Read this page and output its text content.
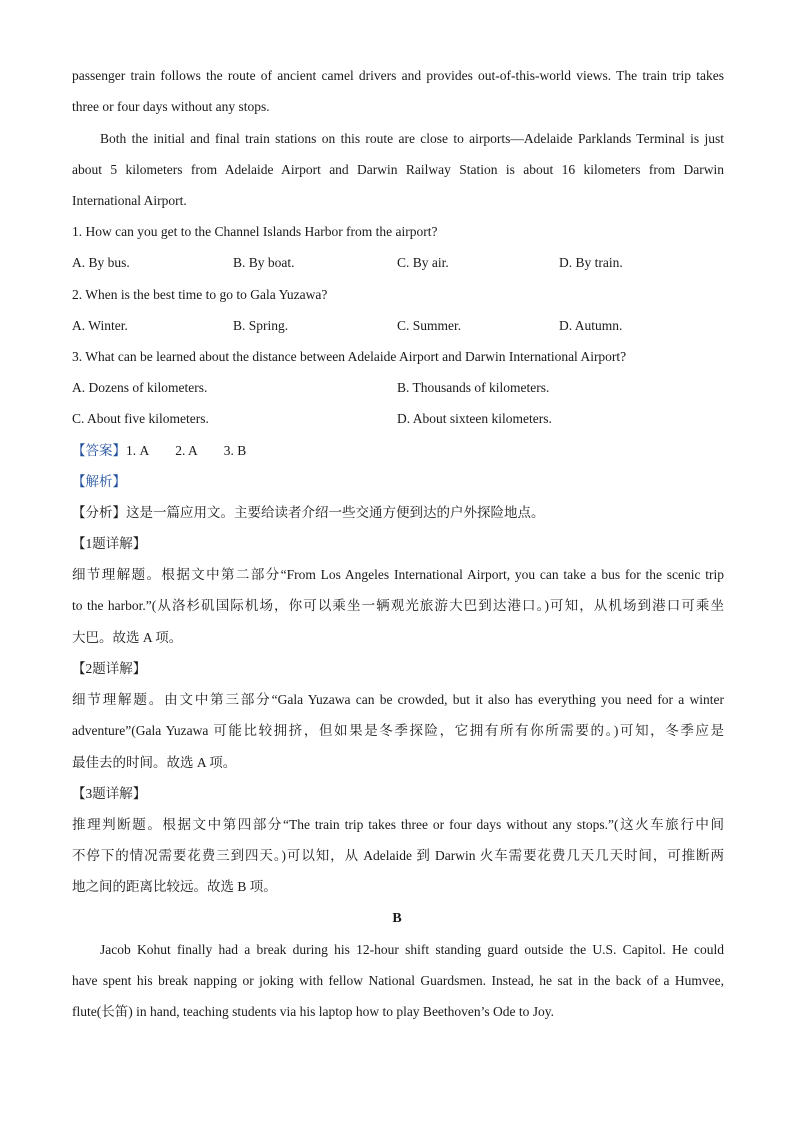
passenger train follows the route of ancient camel drivers and provides out-of-this-world views. The train trip takes
three or four days without any stops.
Both the initial and final train stations on this route are close to airports—Adelaide Parklands Terminal is just
about 5 kilometers from Adelaide Airport and Darwin Railway Station is about 16 kilometers from Darwin
International Airport.
1. How can you get to the Channel Islands Harbor from the airport?
A. By bus.	B. By boat.	C. By air.	D. By train.
2. When is the best time to go to Gala Yuzawa?
A. Winter.	B. Spring.	C. Summer.	D. Autumn.
3. What can be learned about the distance between Adelaide Airport and Darwin International Airport?
A. Dozens of kilometers.	B. Thousands of kilometers.
C. About five kilometers.	D. About sixteen kilometers.
【答案】1. A 2. A 3. B
【解析】
【分析】这是一篇应用文。主要给读者介绍一些交通方便到达的户外探险地点。
【1题详解】
细节理解题。根据文中第二部分“From Los Angeles International Airport, you can take a bus for the scenic trip
to the harbor.”(从洛杉矶国际机场，你可以乘坐一辆观光旅游大巴到达港口。)可知，从机场到港口可乘坐
大巴。故选 A 项。
【2题详解】
细节理解题。由文中第三部分“Gala Yuzawa can be crowded, but it also has everything you need for a winter
adventure”(Gala Yuzawa 可能比较拥挤，但如果是冬季探险，它拥有所有你所需要的。)可知，冬季应是
最佳去的时间。故选 A 项。
【3题详解】
推理判断题。根据文中第四部分“The train trip takes three or four days without any stops.”(这火车旅行中间
不停下的情况需要花费三到四天。)可以知，从 Adelaide 到 Darwin 火车需要花费几天几天时间，可推断两
地之间的距离比较远。故选 B 项。
B
Jacob Kohut finally had a break during his 12-hour shift standing guard outside the U.S. Capitol. He could
have spent his break napping or joking with fellow National Guardsmen. Instead, he sat in the back of a Humvee,
flute(长笛) in hand, teaching students via his laptop how to play Beethoven’s Ode to Joy.
